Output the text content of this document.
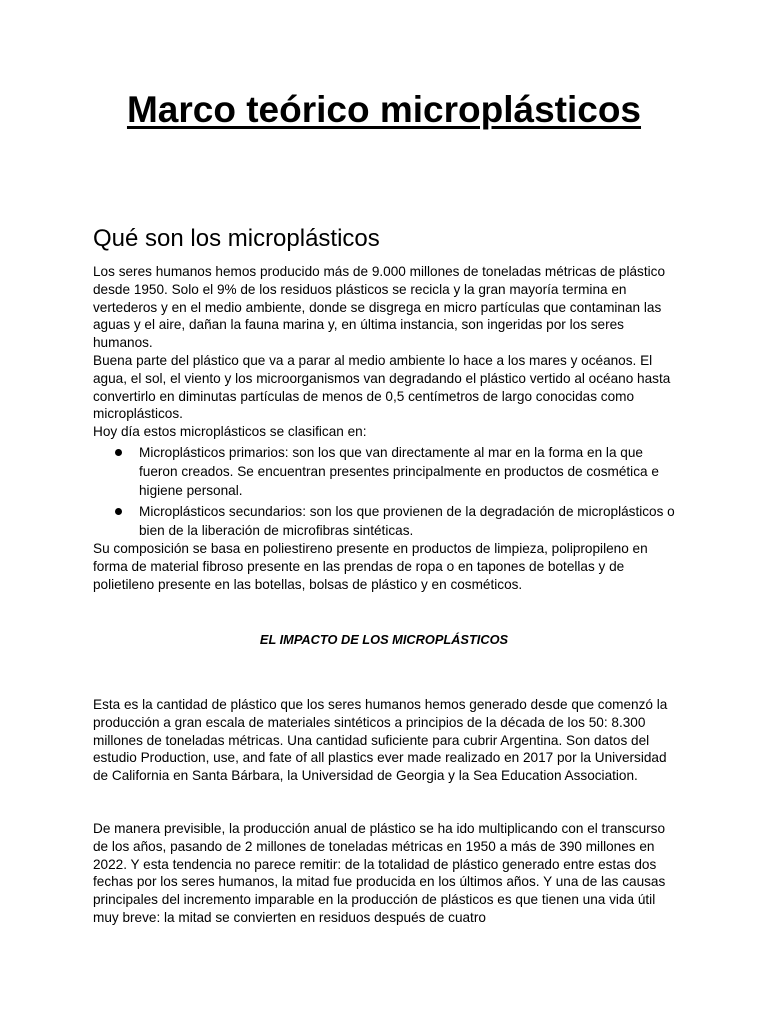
Marco teórico microplásticos
Qué son los microplásticos

Los seres humanos hemos producido más de 9.000 millones de toneladas métricas de plástico desde 1950. Solo el 9% de los residuos plásticos se recicla y la gran mayoría termina en vertederos y en el medio ambiente, donde se disgrega en micro partículas que contaminan las aguas y el aire, dañan la fauna marina y, en última instancia, son ingeridas por los seres humanos.

Buena parte del plástico que va a parar al medio ambiente lo hace a los mares y océanos. El agua, el sol, el viento y los microorganismos van degradando el plástico vertido al océano hasta convertirlo en diminutas partículas de menos de 0,5 centímetros de largo conocidas como microplásticos.

Hoy día estos microplásticos se clasifican en:

Microplásticos primarios: son los que van directamente al mar en la forma en la que fueron creados. Se encuentran presentes principalmente en productos de cosmética e higiene personal.
Microplásticos secundarios: son los que provienen de la degradación de microplásticos o bien de la liberación de microfibras sintéticas.

Su composición se basa en poliestireno presente en productos de limpieza, polipropileno en forma de material fibroso presente en las prendas de ropa o en tapones de botellas y de polietileno presente en las botellas, bolsas de plástico y en cosméticos.

EL IMPACTO DE LOS MICROPLÁSTICOS

Esta es la cantidad de plástico que los seres humanos hemos generado desde que comenzó la producción a gran escala de materiales sintéticos a principios de la década de los 50: 8.300 millones de toneladas métricas. Una cantidad suficiente para cubrir Argentina. Son datos del estudio Production, use, and fate of all plastics ever made realizado en 2017 por la Universidad de California en Santa Bárbara, la Universidad de Georgia y la Sea Education Association.

De manera previsible, la producción anual de plástico se ha ido multiplicando con el transcurso de los años, pasando de 2 millones de toneladas métricas en 1950 a más de 390 millones en 2022. Y esta tendencia no parece remitir: de la totalidad de plástico generado entre estas dos fechas por los seres humanos, la mitad fue producida en los últimos años. Y una de las causas principales del incremento imparable en la producción de plásticos es que tienen una vida útil muy breve: la mitad se convierten en residuos después de cuatro
